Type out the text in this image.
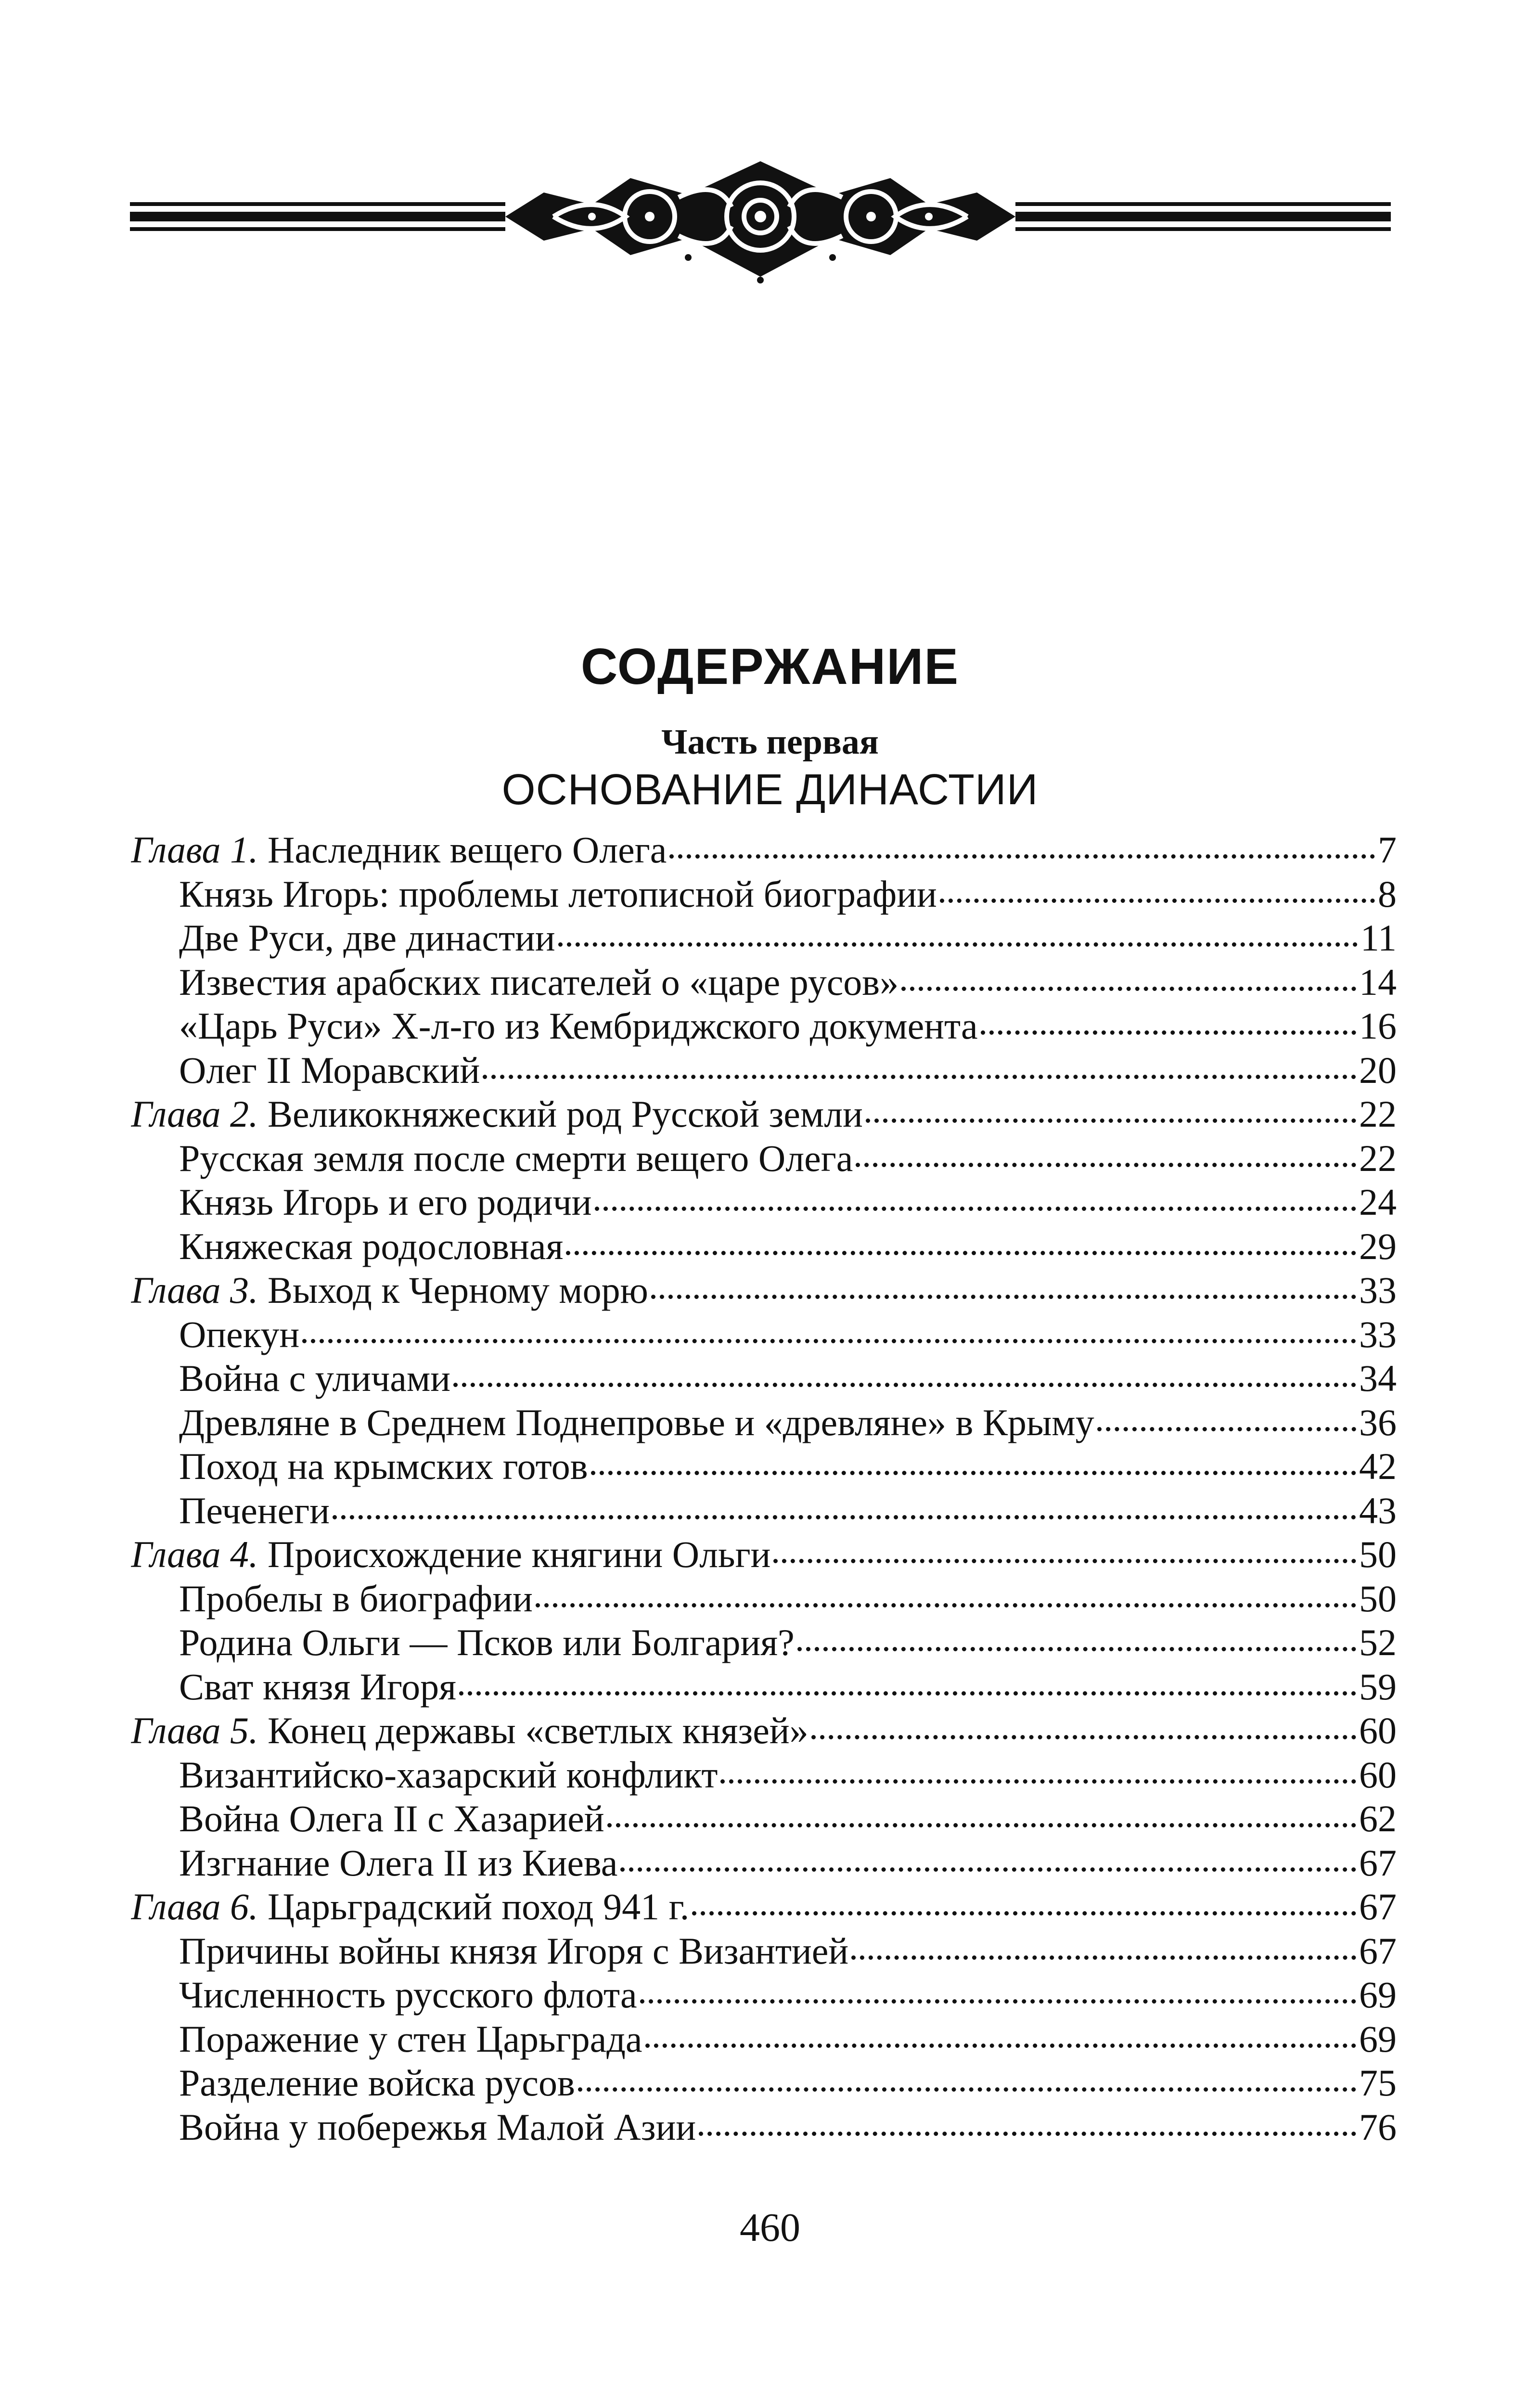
СОДЕРЖАНИЕ
Часть первая
ОСНОВАНИЕ ДИНАСТИИ
Глава 1. Наследник вещего Олега	7
Князь Игорь: проблемы летописной биографии	8
Две Руси, две династии	11
Известия арабских писателей о «царе русов»	14
«Царь Руси» Х-л-го из Кембриджского документа	16
Олег II Моравский	20
Глава 2. Великокняжеский род Русской земли	22
Русская земля после смерти вещего Олега	22
Князь Игорь и его родичи	24
Княжеская родословная	29
Глава 3. Выход к Черному морю	33
Опекун	33
Война с уличами	34
Древляне в Среднем Поднепровье и «древляне» в Крыму	36
Поход на крымских готов	42
Печенеги	43
Глава 4. Происхождение княгини Ольги	50
Пробелы в биографии	50
Родина Ольги — Псков или Болгария?	52
Сват князя Игоря	59
Глава 5. Конец державы «светлых князей»	60
Византийско-хазарский конфликт	60
Война Олега II с Хазарией	62
Изгнание Олега II из Киева	67
Глава 6. Царьградский поход 941 г.	67
Причины войны князя Игоря с Византией	67
Численность русского флота	69
Поражение у стен Царьграда	69
Разделение войска русов	75
Война у побережья Малой Азии	76
460
